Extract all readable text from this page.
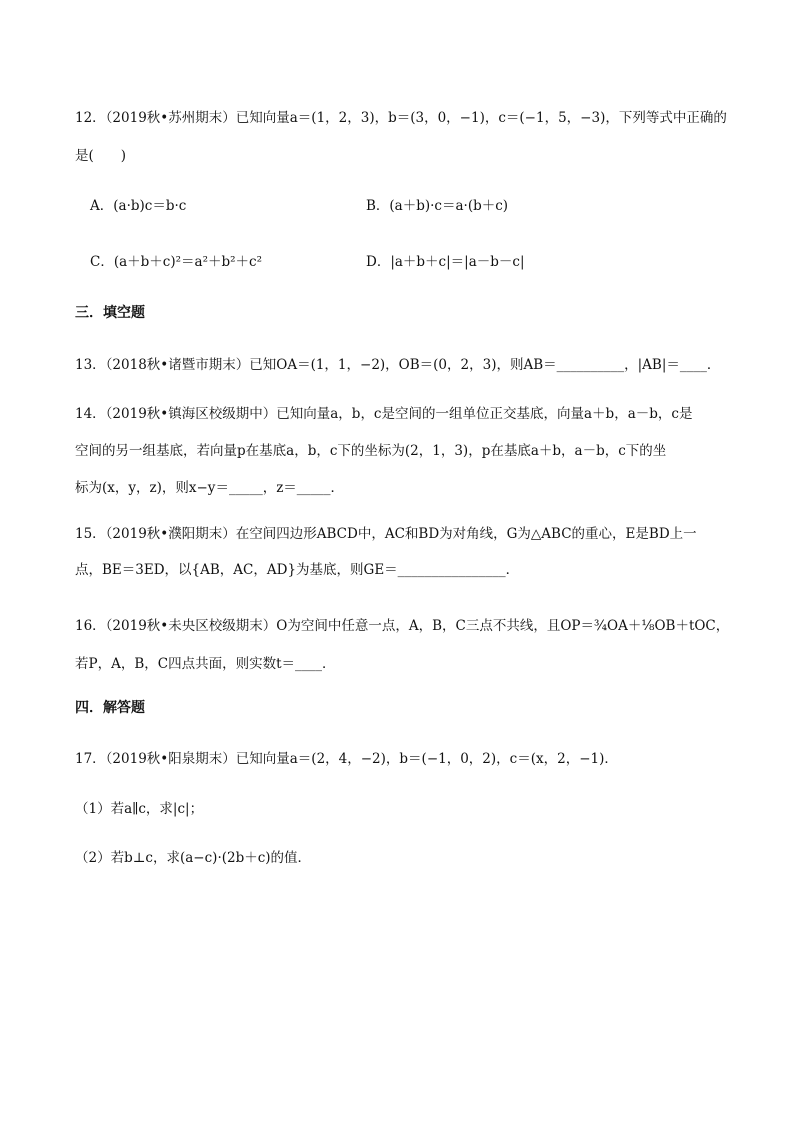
12．（2019秋•苏州期末）已知向量a＝(1，2，3)，b＝(3，0，−1)，c＝(−1，5，−3)，下列等式中正确的
是(　　)
A．(a·b)c＝b·c	B．(a＋b)·c＝a·(b＋c)
C．(a＋b＋c)²＝a²＋b²＋c²	D．|a＋b＋c|＝|a－b－c|
三．填空题
13．（2018秋•诸暨市期末）已知OA＝(1，1，−2)，OB＝(0，2，3)，则AB＝__________，|AB|＝____．
14．（2019秋•镇海区校级期中）已知向量a，b，c是空间的一组单位正交基底，向量a＋b，a－b，c是
空间的另一组基底，若向量p在基底a，b，c下的坐标为(2，1，3)，p在基底a＋b，a－b，c下的坐
标为(x，y，z)，则x−y＝_____，z＝_____．
15．（2019秋•濮阳期末）在空间四边形ABCD中，AC和BD为对角线，G为△ABC的重心，E是BD上一
点，BE＝3ED，以{AB，AC，AD}为基底，则GE＝________________．
16．（2019秋•未央区校级期末）O为空间中任意一点，A，B，C三点不共线，且OP＝¾OA＋⅛OB＋tOC，
若P，A，B，C四点共面，则实数t＝____．
四．解答题
17．（2019秋•阳泉期末）已知向量a＝(2，4，−2)，b＝(−1，0，2)，c＝(x，2，−1)．
（1）若a∥c，求|c|；
（2）若b⊥c，求(a−c)·(2b＋c)的值．
